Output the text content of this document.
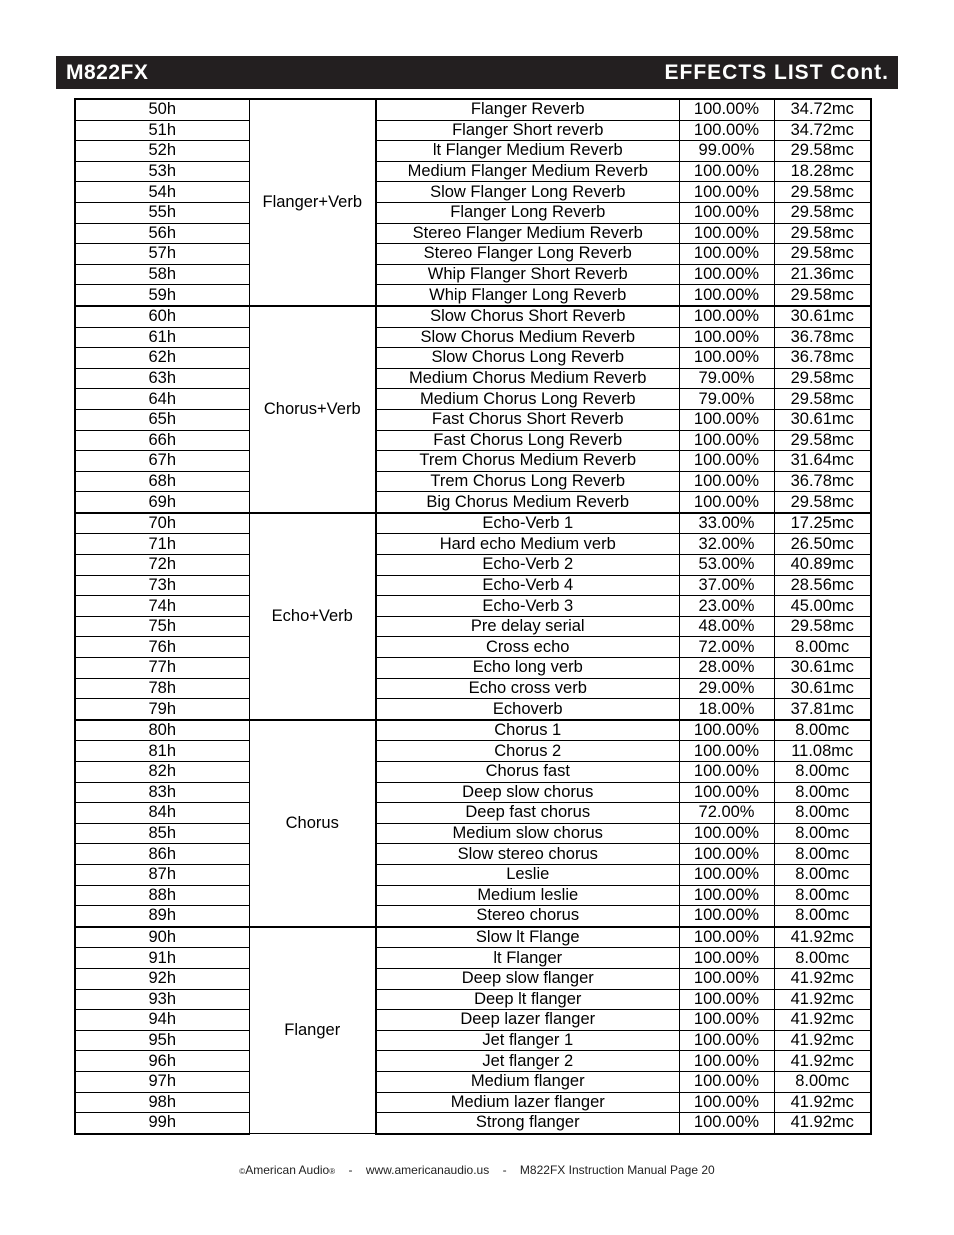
M822FX	EFFECTS LIST Cont.
50h	Flanger+Verb	Flanger Reverb	100.00%	34.72mc
51h		Flanger Short reverb	100.00%	34.72mc
52h		lt Flanger Medium Reverb	99.00%	29.58mc
53h		Medium Flanger Medium Reverb	100.00%	18.28mc
54h		Slow Flanger Long Reverb	100.00%	29.58mc
55h		Flanger Long Reverb	100.00%	29.58mc
56h		Stereo Flanger Medium Reverb	100.00%	29.58mc
57h		Stereo Flanger Long Reverb	100.00%	29.58mc
58h		Whip Flanger Short Reverb	100.00%	21.36mc
59h		Whip Flanger Long Reverb	100.00%	29.58mc
60h	Chorus+Verb	Slow Chorus Short Reverb	100.00%	30.61mc
61h		Slow Chorus Medium Reverb	100.00%	36.78mc
62h		Slow Chorus Long Reverb	100.00%	36.78mc
63h		Medium Chorus Medium Reverb	79.00%	29.58mc
64h		Medium Chorus Long Reverb	79.00%	29.58mc
65h		Fast Chorus Short Reverb	100.00%	30.61mc
66h		Fast Chorus Long Reverb	100.00%	29.58mc
67h		Trem Chorus Medium Reverb	100.00%	31.64mc
68h		Trem Chorus Long Reverb	100.00%	36.78mc
69h		Big Chorus Medium Reverb	100.00%	29.58mc
70h	Echo+Verb	Echo-Verb 1	33.00%	17.25mc
71h		Hard echo Medium verb	32.00%	26.50mc
72h		Echo-Verb 2	53.00%	40.89mc
73h		Echo-Verb 4	37.00%	28.56mc
74h		Echo-Verb 3	23.00%	45.00mc
75h		Pre delay serial	48.00%	29.58mc
76h		Cross echo	72.00%	8.00mc
77h		Echo long verb	28.00%	30.61mc
78h		Echo cross verb	29.00%	30.61mc
79h		Echoverb	18.00%	37.81mc
80h	Chorus	Chorus 1	100.00%	8.00mc
81h		Chorus 2	100.00%	11.08mc
82h		Chorus fast	100.00%	8.00mc
83h		Deep slow chorus	100.00%	8.00mc
84h		Deep fast chorus	72.00%	8.00mc
85h		Medium slow chorus	100.00%	8.00mc
86h		Slow stereo chorus	100.00%	8.00mc
87h		Leslie	100.00%	8.00mc
88h		Medium leslie	100.00%	8.00mc
89h		Stereo chorus	100.00%	8.00mc
90h	Flanger	Slow lt Flange	100.00%	41.92mc
91h		lt Flanger	100.00%	8.00mc
92h		Deep slow flanger	100.00%	41.92mc
93h		Deep lt flanger	100.00%	41.92mc
94h		Deep lazer flanger	100.00%	41.92mc
95h		Jet flanger 1	100.00%	41.92mc
96h		Jet flanger 2	100.00%	41.92mc
97h		Medium flanger	100.00%	8.00mc
98h		Medium lazer flanger	100.00%	41.92mc
99h		Strong flanger	100.00%	41.92mc
©American Audio® - www.americanaudio.us - M822FX Instruction Manual Page 20
